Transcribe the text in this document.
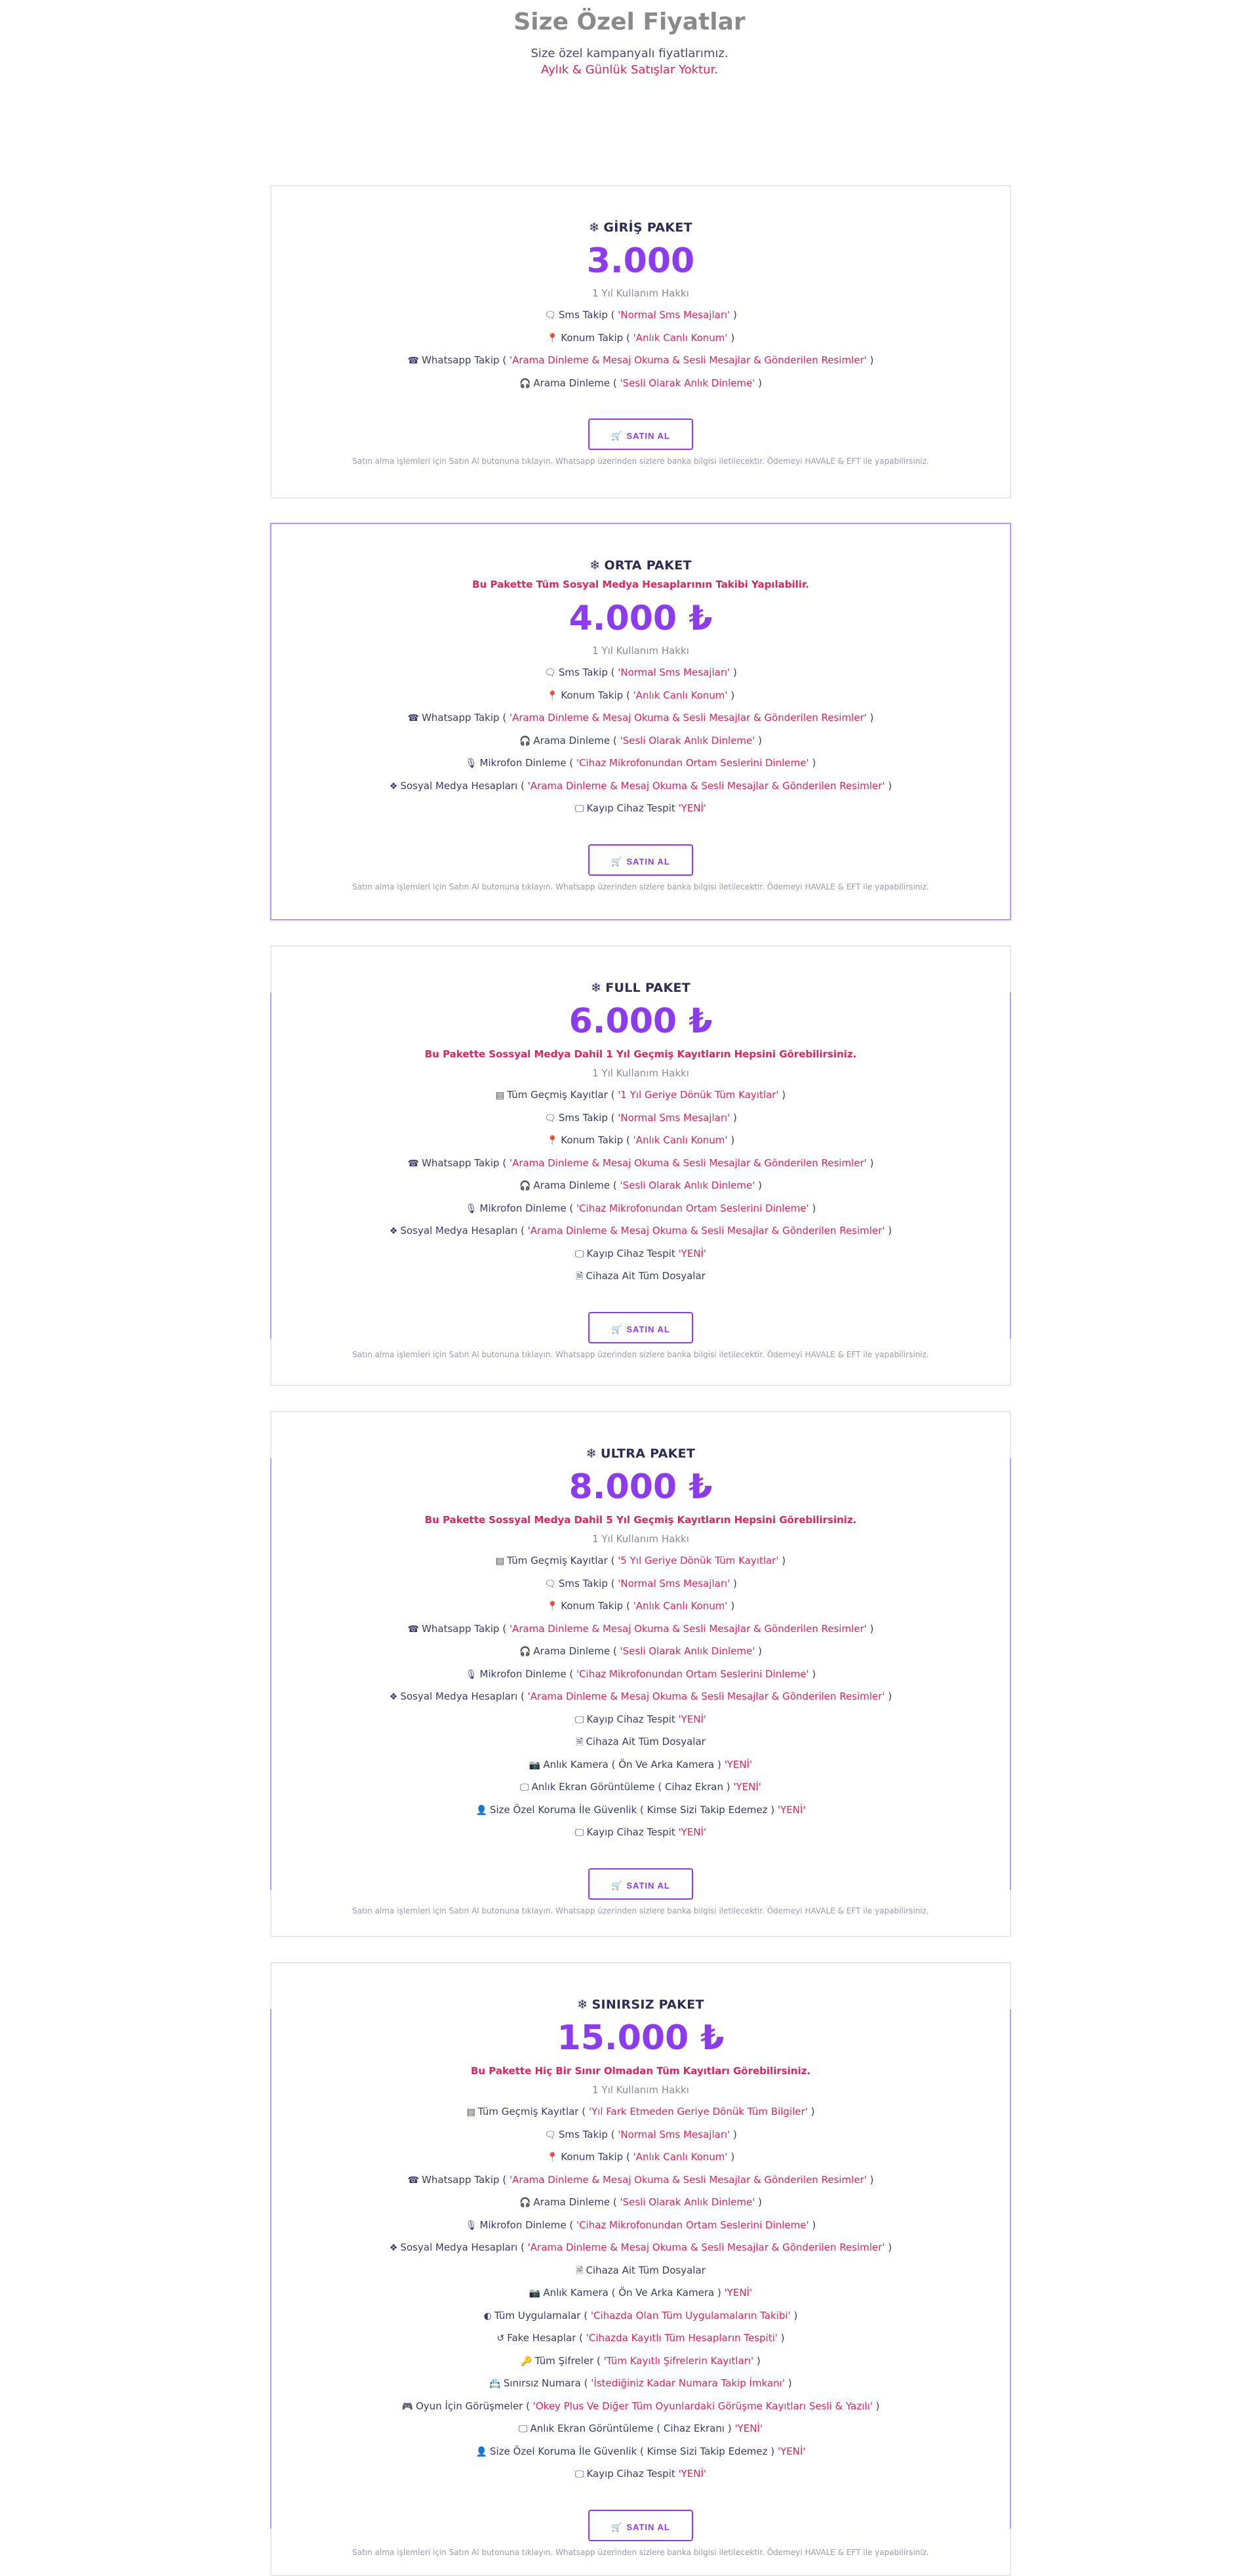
Size Özel Fiyatlar
Size özel kampanyalı fiyatlarımız.
Aylık & Günlük Satışlar Yoktur.
❄ GİRİŞ PAKET
3.000
1 Yıl Kullanım Hakkı
🗨 Sms Takip ( 'Normal Sms Mesajları' )
📍 Konum Takip ( 'Anlık Canlı Konum' )
☎ Whatsapp Takip ( 'Arama Dinleme & Mesaj Okuma & Sesli Mesajlar & Gönderilen Resimler' )
🎧 Arama Dinleme ( 'Sesli Olarak Anlık Dinleme' )
🛒 SATIN AL
Satın alma işlemleri için Satın Al butonuna tıklayın. Whatsapp üzerinden sizlere banka bilgisi iletilecektir. Ödemeyi HAVALE & EFT ile yapabilirsiniz.
❄ ORTA PAKET
Bu Pakette Tüm Sosyal Medya Hesaplarının Takibi Yapılabilir.
4.000 ₺
1 Yıl Kullanım Hakkı
🗨 Sms Takip ( 'Normal Sms Mesajları' )
📍 Konum Takip ( 'Anlık Canlı Konum' )
☎ Whatsapp Takip ( 'Arama Dinleme & Mesaj Okuma & Sesli Mesajlar & Gönderilen Resimler' )
🎧 Arama Dinleme ( 'Sesli Olarak Anlık Dinleme' )
🎙 Mikrofon Dinleme ( 'Cihaz Mikrofonundan Ortam Seslerini Dinleme' )
❖ Sosyal Medya Hesapları ( 'Arama Dinleme & Mesaj Okuma & Sesli Mesajlar & Gönderilen Resimler' )
🖵 Kayıp Cihaz Tespit 'YENİ'
🛒 SATIN AL
Satın alma işlemleri için Satın Al butonuna tıklayın. Whatsapp üzerinden sizlere banka bilgisi iletilecektir. Ödemeyi HAVALE & EFT ile yapabilirsiniz.
❄ FULL PAKET
6.000 ₺
Bu Pakette Sossyal Medya Dahil 1 Yıl Geçmiş Kayıtların Hepsini Görebilirsiniz.
1 Yıl Kullanım Hakkı
▤ Tüm Geçmiş Kayıtlar ( '1 Yıl Geriye Dönük Tüm Kayıtlar' )
🗨 Sms Takip ( 'Normal Sms Mesajları' )
📍 Konum Takip ( 'Anlık Canlı Konum' )
☎ Whatsapp Takip ( 'Arama Dinleme & Mesaj Okuma & Sesli Mesajlar & Gönderilen Resimler' )
🎧 Arama Dinleme ( 'Sesli Olarak Anlık Dinleme' )
🎙 Mikrofon Dinleme ( 'Cihaz Mikrofonundan Ortam Seslerini Dinleme' )
❖ Sosyal Medya Hesapları ( 'Arama Dinleme & Mesaj Okuma & Sesli Mesajlar & Gönderilen Resimler' )
🖵 Kayıp Cihaz Tespit 'YENİ'
🗎 Cihaza Ait Tüm Dosyalar
🛒 SATIN AL
Satın alma işlemleri için Satın Al butonuna tıklayın. Whatsapp üzerinden sizlere banka bilgisi iletilecektir. Ödemeyi HAVALE & EFT ile yapabilirsiniz.
❄ ULTRA PAKET
8.000 ₺
Bu Pakette Sossyal Medya Dahil 5 Yıl Geçmiş Kayıtların Hepsini Görebilirsiniz.
1 Yıl Kullanım Hakkı
▤ Tüm Geçmiş Kayıtlar ( '5 Yıl Geriye Dönük Tüm Kayıtlar' )
🗨 Sms Takip ( 'Normal Sms Mesajları' )
📍 Konum Takip ( 'Anlık Canlı Konum' )
☎ Whatsapp Takip ( 'Arama Dinleme & Mesaj Okuma & Sesli Mesajlar & Gönderilen Resimler' )
🎧 Arama Dinleme ( 'Sesli Olarak Anlık Dinleme' )
🎙 Mikrofon Dinleme ( 'Cihaz Mikrofonundan Ortam Seslerini Dinleme' )
❖ Sosyal Medya Hesapları ( 'Arama Dinleme & Mesaj Okuma & Sesli Mesajlar & Gönderilen Resimler' )
🖵 Kayıp Cihaz Tespit 'YENİ'
🗎 Cihaza Ait Tüm Dosyalar
📷 Anlık Kamera ( Ön Ve Arka Kamera ) 'YENİ'
🖵 Anlık Ekran Görüntüleme ( Cihaz Ekran ) 'YENİ'
👤 Size Özel Koruma İle Güvenlik ( Kimse Sizi Takip Edemez ) 'YENİ'
🖵 Kayıp Cihaz Tespit 'YENİ'
🛒 SATIN AL
Satın alma işlemleri için Satın Al butonuna tıklayın. Whatsapp üzerinden sizlere banka bilgisi iletilecektir. Ödemeyi HAVALE & EFT ile yapabilirsiniz.
❄ SINIRSIZ PAKET
15.000 ₺
Bu Pakette Hiç Bir Sınır Olmadan Tüm Kayıtları Görebilirsiniz.
1 Yıl Kullanım Hakkı
▤ Tüm Geçmiş Kayıtlar ( 'Yıl Fark Etmeden Geriye Dönük Tüm Bilgiler' )
🗨 Sms Takip ( 'Normal Sms Mesajları' )
📍 Konum Takip ( 'Anlık Canlı Konum' )
☎ Whatsapp Takip ( 'Arama Dinleme & Mesaj Okuma & Sesli Mesajlar & Gönderilen Resimler' )
🎧 Arama Dinleme ( 'Sesli Olarak Anlık Dinleme' )
🎙 Mikrofon Dinleme ( 'Cihaz Mikrofonundan Ortam Seslerini Dinleme' )
❖ Sosyal Medya Hesapları ( 'Arama Dinleme & Mesaj Okuma & Sesli Mesajlar & Gönderilen Resimler' )
🗎 Cihaza Ait Tüm Dosyalar
📷 Anlık Kamera ( Ön Ve Arka Kamera ) 'YENİ'
◐ Tüm Uygulamalar ( 'Cihazda Olan Tüm Uygulamaların Takibi' )
↺ Fake Hesaplar ( 'Cihazda Kayıtlı Tüm Hesapların Tespiti' )
🔑 Tüm Şifreler ( 'Tüm Kayıtlı Şifrelerin Kayıtları' )
📇 Sınırsız Numara ( 'İstediğiniz Kadar Numara Takip İmkanı' )
🎮 Oyun İçin Görüşmeler ( 'Okey Plus Ve Diğer Tüm Oyunlardaki Görüşme Kayıtları Sesli & Yazılı' )
🖵 Anlık Ekran Görüntüleme ( Cihaz Ekranı ) 'YENİ'
👤 Size Özel Koruma İle Güvenlik ( Kimse Sizi Takip Edemez ) 'YENİ'
🖵 Kayıp Cihaz Tespit 'YENİ'
🛒 SATIN AL
Satın alma işlemleri için Satın Al butonuna tıklayın. Whatsapp üzerinden sizlere banka bilgisi iletilecektir. Ödemeyi HAVALE & EFT ile yapabilirsiniz.
